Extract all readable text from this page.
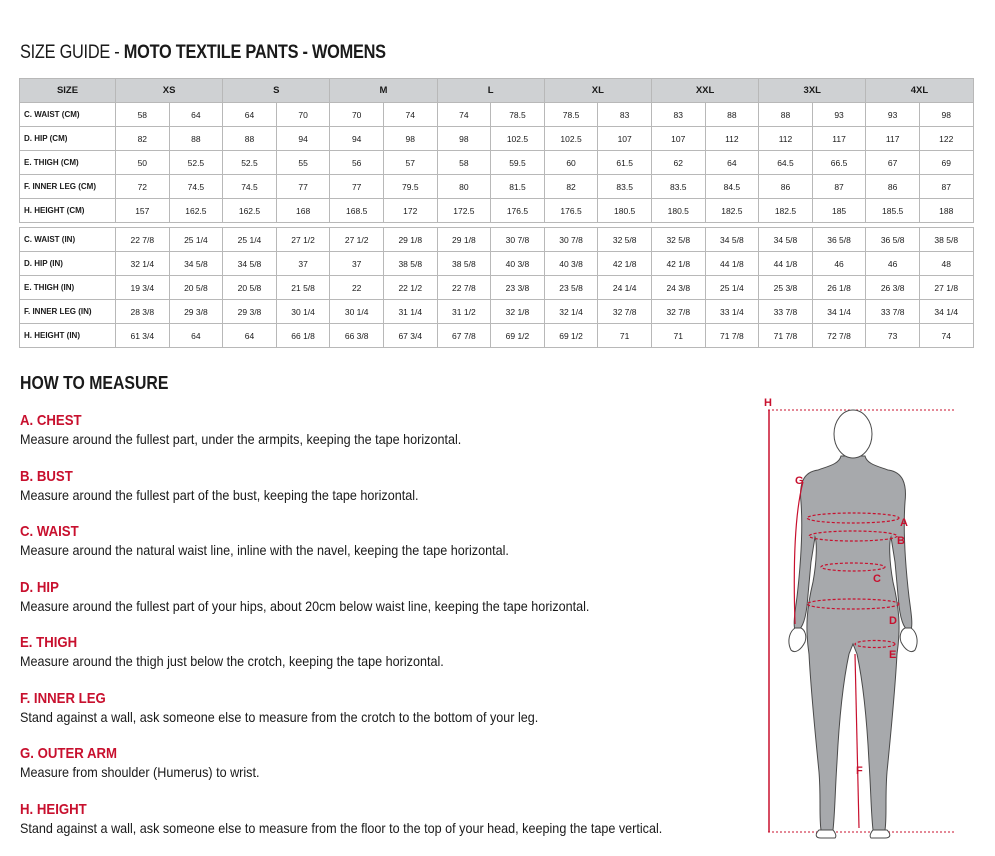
SIZE GUIDE - MOTO TEXTILE PANTS - WOMENS
SIZE	XS		S		M		L		XL		XXL		3XL		4XL	
C. WAIST (CM)	58	64	64	70	70	74	74	78.5	78.5	83	83	88	88	93	93	98
D. HIP (CM)	82	88	88	94	94	98	98	102.5	102.5	107	107	112	112	117	117	122
E. THIGH (CM)	50	52.5	52.5	55	56	57	58	59.5	60	61.5	62	64	64.5	66.5	67	69
F. INNER LEG (CM)	72	74.5	74.5	77	77	79.5	80	81.5	82	83.5	83.5	84.5	86	87	86	87
H. HEIGHT (CM)	157	162.5	162.5	168	168.5	172	172.5	176.5	176.5	180.5	180.5	182.5	182.5	185	185.5	188

C. WAIST (IN)	22 7/8	25 1/4	25 1/4	27 1/2	27 1/2	29 1/8	29 1/8	30 7/8	30 7/8	32 5/8	32 5/8	34 5/8	34 5/8	36 5/8	36 5/8	38 5/8
D. HIP (IN)	32 1/4	34 5/8	34 5/8	37	37	38 5/8	38 5/8	40 3/8	40 3/8	42 1/8	42 1/8	44 1/8	44 1/8	46	46	48
E. THIGH (IN)	19 3/4	20 5/8	20 5/8	21 5/8	22	22 1/2	22 7/8	23 3/8	23 5/8	24 1/4	24 3/8	25 1/4	25 3/8	26 1/8	26 3/8	27 1/8
F. INNER LEG (IN)	28 3/8	29 3/8	29 3/8	30 1/4	30 1/4	31 1/4	31 1/2	32 1/8	32 1/4	32 7/8	32 7/8	33 1/4	33 7/8	34 1/4	33 7/8	34 1/4
H. HEIGHT (IN)	61 3/4	64	64	66 1/8	66 3/8	67 3/4	67 7/8	69 1/2	69 1/2	71	71	71 7/8	71 7/8	72 7/8	73	74
HOW TO MEASURE
A. CHEST
Measure around the fullest part, under the armpits, keeping the tape horizontal.
B. BUST
Measure around the fullest part of the bust, keeping the tape horizontal.
C. WAIST
Measure around the natural waist line, inline with the navel, keeping the tape horizontal.
D. HIP
Measure around the fullest part of your hips, about 20cm below waist line, keeping the tape horizontal.
E. THIGH
Measure around the thigh just below the crotch, keeping the tape horizontal.
F. INNER LEG
Stand against a wall, ask someone else to measure from the crotch to the bottom of your leg.
G. OUTER ARM
Measure from shoulder (Humerus) to wrist.
H. HEIGHT
Stand against a wall, ask someone else to measure from the floor to the top of your head, keeping the tape vertical.
H
A
B
C
D
E
F
G
